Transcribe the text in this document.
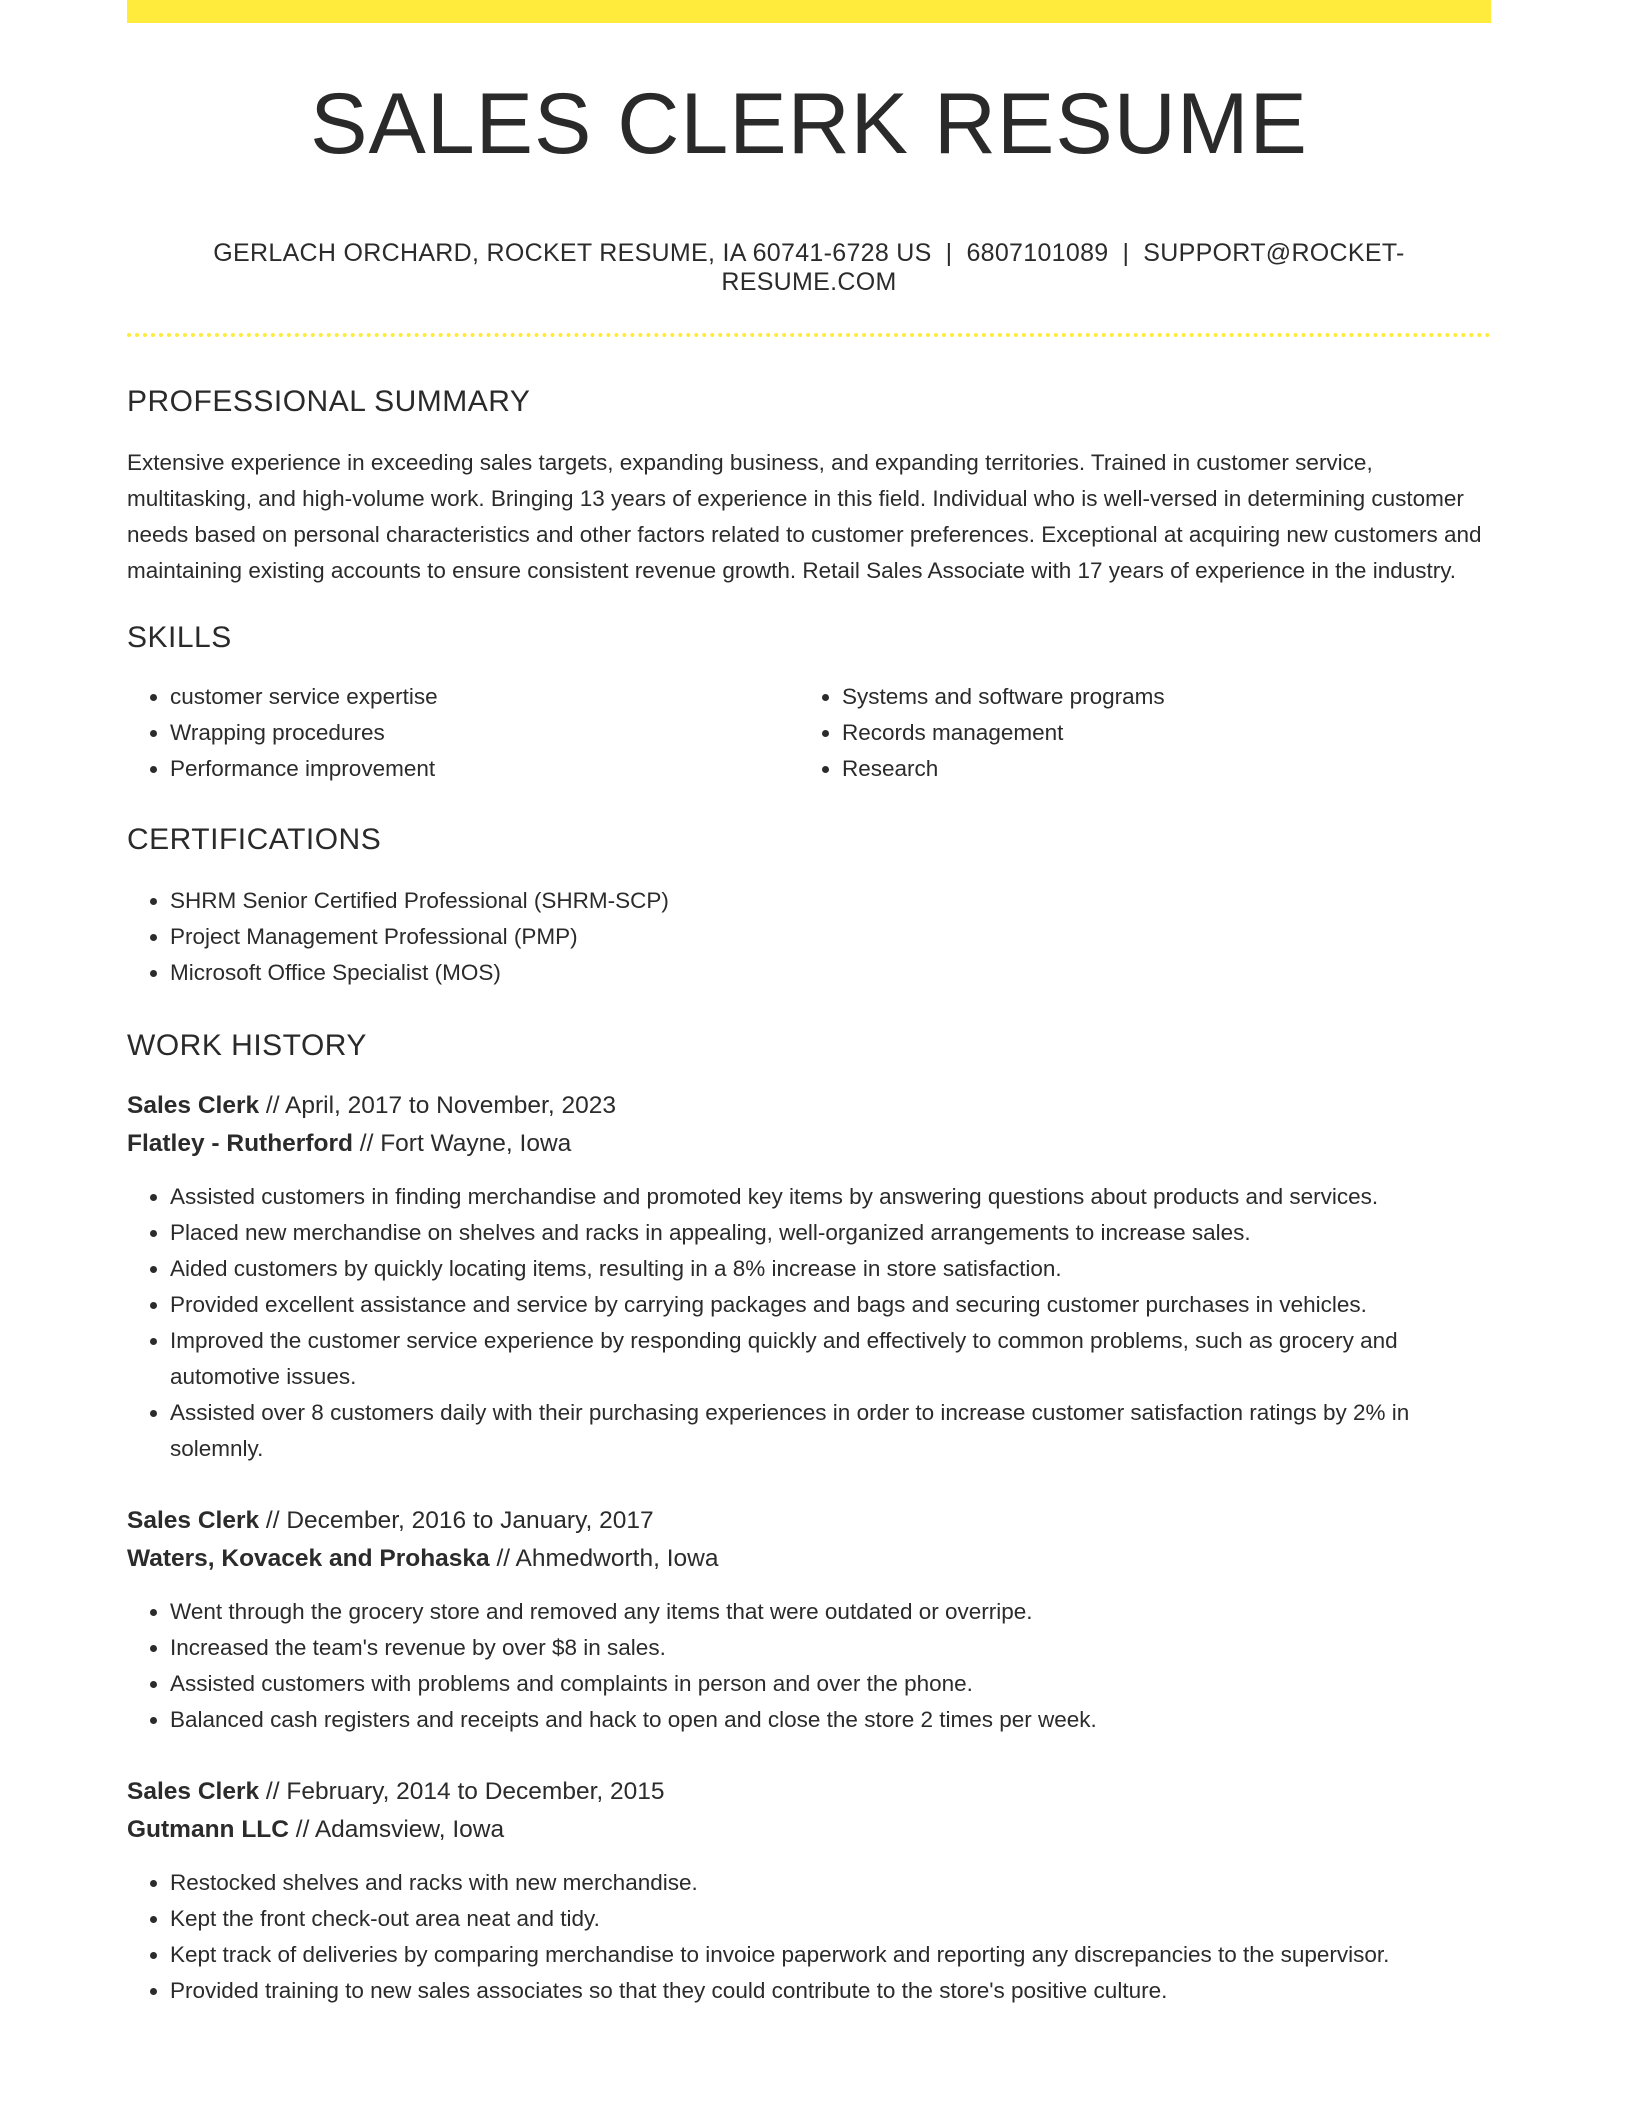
SALES CLERK RESUME
GERLACH ORCHARD, ROCKET RESUME, IA 60741-6728 US | 6807101089 | SUPPORT@ROCKET-RESUME.COM
PROFESSIONAL SUMMARY

Extensive experience in exceeding sales targets, expanding business, and expanding territories. Trained in customer service, multitasking, and high-volume work. Bringing 13 years of experience in this field. Individual who is well-versed in determining customer needs based on personal characteristics and other factors related to customer preferences. Exceptional at acquiring new customers and maintaining existing accounts to ensure consistent revenue growth. Retail Sales Associate with 17 years of experience in the industry.

SKILLS
• customer service expertise
• Wrapping procedures
• Performance improvement
• Systems and software programs
• Records management
• Research
CERTIFICATIONS
• SHRM Senior Certified Professional (SHRM-SCP)
• Project Management Professional (PMP)
• Microsoft Office Specialist (MOS)
WORK HISTORY
Sales Clerk // April, 2017 to November, 2023
Flatley - Rutherford // Fort Wayne, Iowa
• Assisted customers in finding merchandise and promoted key items by answering questions about products and services.
• Placed new merchandise on shelves and racks in appealing, well-organized arrangements to increase sales.
• Aided customers by quickly locating items, resulting in a 8% increase in store satisfaction.
• Provided excellent assistance and service by carrying packages and bags and securing customer purchases in vehicles.
• Improved the customer service experience by responding quickly and effectively to common problems, such as grocery and automotive issues.
• Assisted over 8 customers daily with their purchasing experiences in order to increase customer satisfaction ratings by 2% in solemnly.
Sales Clerk // December, 2016 to January, 2017
Waters, Kovacek and Prohaska // Ahmedworth, Iowa
• Went through the grocery store and removed any items that were outdated or overripe.
• Increased the team's revenue by over $8 in sales.
• Assisted customers with problems and complaints in person and over the phone.
• Balanced cash registers and receipts and hack to open and close the store 2 times per week.
Sales Clerk // February, 2014 to December, 2015
Gutmann LLC // Adamsview, Iowa
• Restocked shelves and racks with new merchandise.
• Kept the front check-out area neat and tidy.
• Kept track of deliveries by comparing merchandise to invoice paperwork and reporting any discrepancies to the supervisor.
• Provided training to new sales associates so that they could contribute to the store's positive culture.
